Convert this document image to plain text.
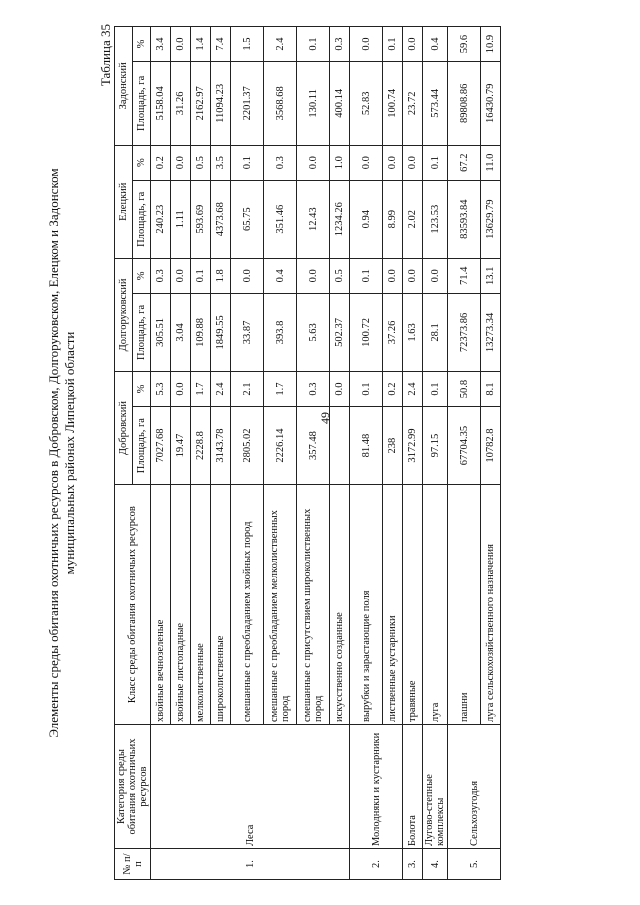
49
Элементы среды обитания охотничьих ресурсов в Добровском, Долгоруковском, Елецком и Задонском муниципальных районах Липецкой области
Таблица 35
№ п/п	Категория среды обитания охотничьих ресурсов	Класс среды обитания охотничьих ресурсов	Добровский		Долгоруковский		Елецкий		Задонский	
			Площадь, га	%	Площадь, га	%	Площадь, га	%	Площадь, га	%
1.	Леса	хвойные вечнозеленые	7027.68	5.3	305.51	0.3	240.23	0.2	5158.04	3.4
		хвойные листопадные	19.47	0.0	3.04	0.0	1.11	0.0	31.26	0.0
		мелколиственные	2228.8	1.7	109.88	0.1	593.69	0.5	2162.97	1.4
		широколиственные	3143.78	2.4	1849.55	1.8	4373.68	3.5	11094.23	7.4
		смешанные с преобладанием хвойных пород	2805.02	2.1	33.87	0.0	65.75	0.1	2201.37	1.5
		смешанные с преобладанием мелколиственных пород	2226.14	1.7	393.8	0.4	351.46	0.3	3568.68	2.4
		смешанные с присутствием широколиственных пород	357.48	0.3	5.63	0.0	12.43	0.0	130.11	0.1
		искусственно созданные		0.0	502.37	0.5	1234.26	1.0	400.14	0.3
2.	Молодняки и кустарники	вырубки и зарастающие поля	81.48	0.1	100.72	0.1	0.94	0.0	52.83	0.0
		лиственные кустарники	238	0.2	37.26	0.0	8.99	0.0	100.74	0.1
3.	Болота	травяные	3172.99	2.4	1.63	0.0	2.02	0.0	23.72	0.0
4.	Лугово-степные комплексы	луга	97.15	0.1	28.1	0.0	123.53	0.1	573.44	0.4
5.	Сельхозугодья	пашни	67704.35	50.8	72373.86	71.4	83593.84	67.2	89808.86	59.6
		луга сельскохозяйственного назначения	10782.8	8.1	13273.34	13.1	13629.79	11.0	16430.79	10.9
